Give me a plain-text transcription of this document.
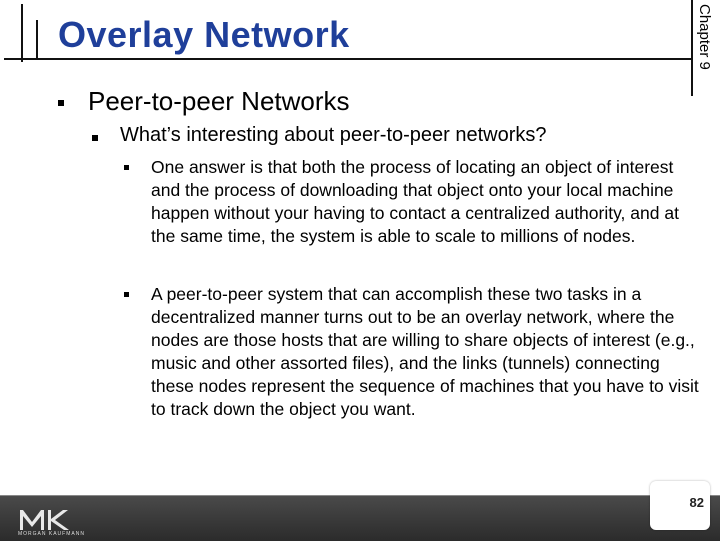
Overlay Network	Chapter 9
Peer-to-peer Networks
What’s interesting about peer-to-peer networks?
One answer is that both the process of locating an object of interest and the process of downloading that object onto your local machine happen without your having to contact a centralized authority, and at the same time, the system is able to scale to millions of nodes.
A peer-to-peer system that can accomplish these two tasks in a decentralized manner turns out to be an overlay network, where the nodes are those hosts that are willing to share objects of interest (e.g., music and other assorted files), and the links (tunnels) connecting these nodes represent the sequence of machines that you have to visit to track down the object you want.
MORGAN KAUFMANN
82
